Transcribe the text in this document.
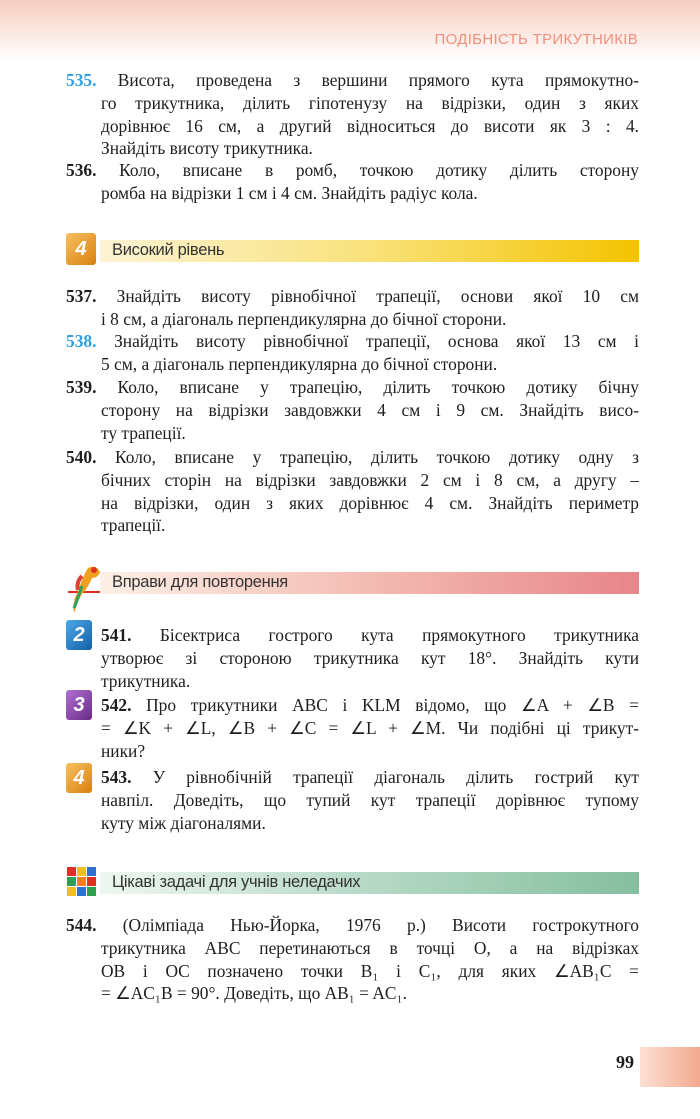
ПОДІБНІСТЬ ТРИКУТНИКІВ
4	Високий рівень
Вправи для повторення
2
3
4
Цікаві задачі для учнів неледачих
535. Висота, проведена з вершини прямого кута прямокутно-
го трикутника, ділить гіпотенузу на відрізки, один з яких
дорівнює 16 см, а другий відноситься до висоти як 3 : 4.
Знайдіть висоту трикутника.
536. Коло, вписане в ромб, точкою дотику ділить сторону
ромба на відрізки 1 см і 4 см. Знайдіть радіус кола.
537. Знайдіть висоту рівнобічної трапеції, основи якої 10 см
і 8 см, а діагональ перпендикулярна до бічної сторони.
538. Знайдіть висоту рівнобічної трапеції, основа якої 13 см і
5 см, а діагональ перпендикулярна до бічної сторони.
539. Коло, вписане у трапецію, ділить точкою дотику бічну
сторону на відрізки завдовжки 4 см і 9 см. Знайдіть висо-
ту трапеції.
540. Коло, вписане у трапецію, ділить точкою дотику одну з
бічних сторін на відрізки завдовжки 2 см і 8 см, а другу –
на відрізки, один з яких дорівнює 4 см. Знайдіть периметр
трапеції.
541. Бісектриса гострого кута прямокутного трикутника
утворює зі стороною трикутника кут 18°. Знайдіть кути
трикутника.
542. Про трикутники ABC і KLM відомо, що ∠A + ∠B =
= ∠K + ∠L, ∠B + ∠C = ∠L + ∠M. Чи подібні ці трикут-
ники?
543. У рівнобічній трапеції діагональ ділить гострий кут
навпіл. Доведіть, що тупий кут трапеції дорівнює тупому
куту між діагоналями.
544. (Олімпіада Нью-Йорка, 1976 р.) Висоти гострокутного
трикутника ABC перетинаються в точці O, а на відрізках
OB і OC позначено точки B₁ і C₁, для яких ∠AB₁C =
= ∠AC₁B = 90°. Доведіть, що AB₁ = AC₁.
99
